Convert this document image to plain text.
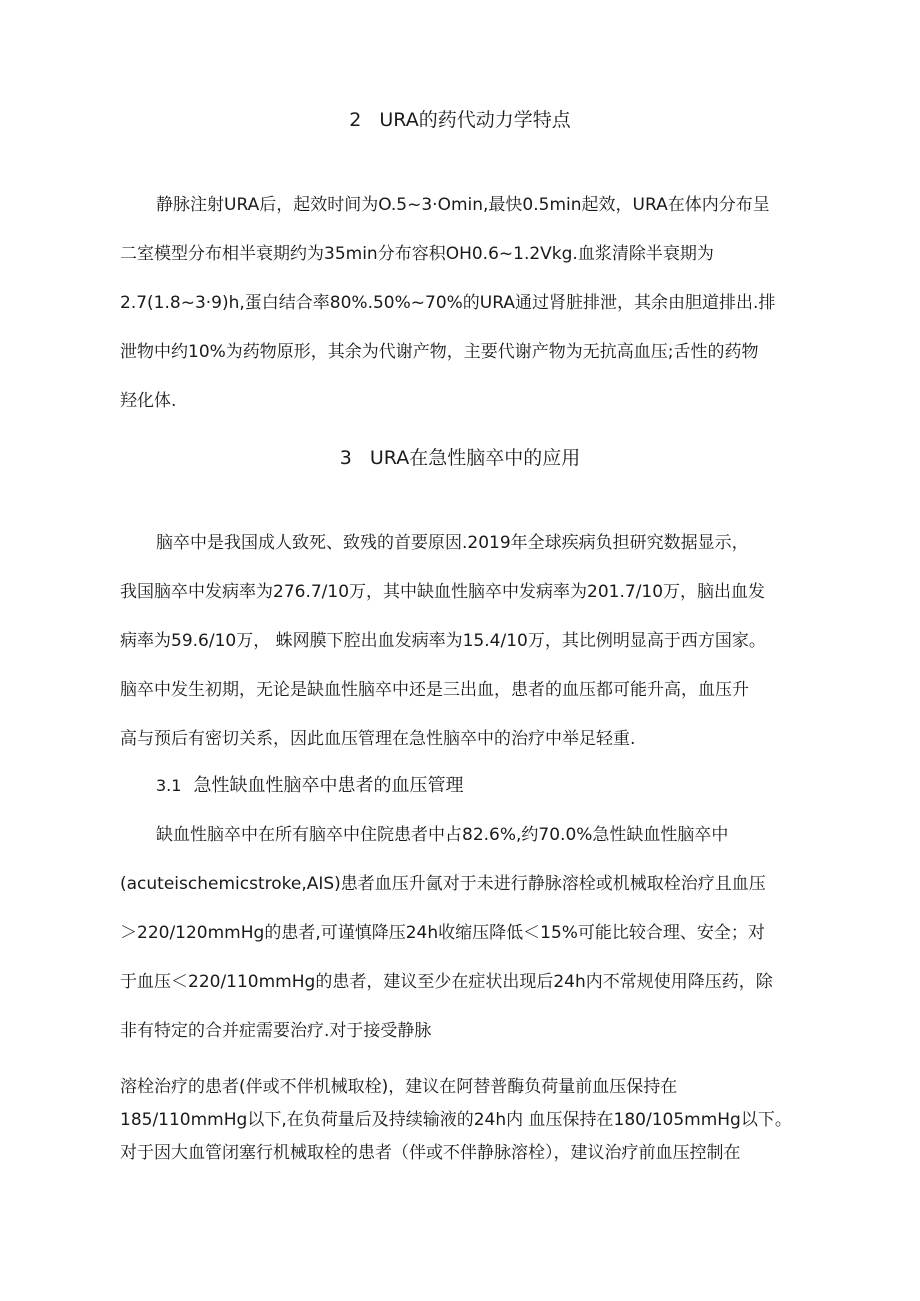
2 URA的药代动力学特点
静脉注射URA后，起效时间为O.5~3·Omin,最快0.5min起效，URA在体内分布呈
二室模型分布相半衰期约为35min分布容积OH0.6~1.2Vkg.血浆清除半衰期为
2.7(1.8~3·9)h,蛋白结合率80%.50%~70%的URA通过肾脏排泄，其余由胆道排出.排
泄物中约10%为药物原形，其余为代谢产物，主要代谢产物为无抗高血压;舌性的药物
羟化体.
3 URA在急性脑卒中的应用
脑卒中是我国成人致死、致残的首要原因.2019年全球疾病负担研究数据显示，
我国脑卒中发病率为276.7/10万，其中缺血性脑卒中发病率为201.7/10万，脑出血发
病率为59.6/10万， 蛛网膜下腔出血发病率为15.4/10万，其比例明显高于西方国家。
脑卒中发生初期，无论是缺血性脑卒中还是三出血，患者的血压都可能升高，血压升
高与预后有密切关系，因此血压管理在急性脑卒中的治疗中举足轻重.
3.1 急性缺血性脑卒中患者的血压管理
缺血性脑卒中在所有脑卒中住院患者中占82.6%,约70.0%急性缺血性脑卒中
(acuteischemicstroke,AIS)患者血压升氤对于未进行静脉溶栓或机械取栓治疗且血压
＞220/120mmHg的患者,可谨慎降压24h收缩压降低＜15%可能比较合理、安全；对
于血压＜220/110mmHg的患者，建议至少在症状出现后24h内不常规使用降压药，除
非有特定的合并症需要治疗.对于接受静脉
溶栓治疗的患者(伴或不伴机械取栓)，建议在阿替普酶负荷量前血压保持在
185/110mmHg以下,在负荷量后及持续输液的24h内 血压保持在180/105mmHg以下。
对于因大血管闭塞行机械取栓的患者（伴或不伴静脉溶栓），建议治疗前血压控制在
